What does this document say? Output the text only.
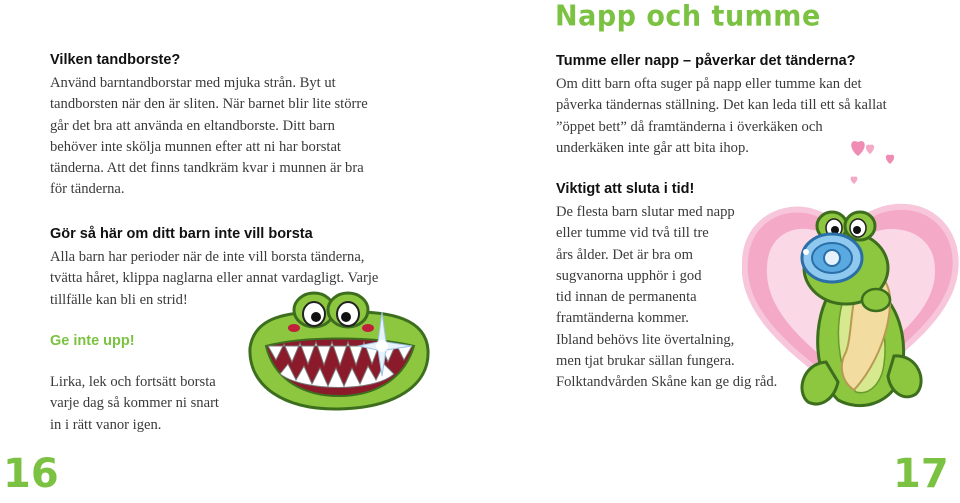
Napp och tumme
Vilken tandborste?
Använd barntandborstar med mjuka strån. Byt ut
tandborsten när den är sliten. När barnet blir lite större
går det bra att använda en eltandborste. Ditt barn
behöver inte skölja munnen efter att ni har borstat
tänderna. Att det finns tandkräm kvar i munnen är bra
för tänderna.
Gör så här om ditt barn inte vill borsta
Alla barn har perioder när de inte vill borsta tänderna,
tvätta håret, klippa naglarna eller annat vardagligt. Varje
tillfälle kan bli en strid!
Ge inte upp!
Lirka, lek och fortsätt borsta
varje dag så kommer ni snart
in i rätt vanor igen.
16
Tumme eller napp – påverkar det tänderna?
Om ditt barn ofta suger på napp eller tumme kan det
påverka tändernas ställning. Det kan leda till ett så kallat
”öppet bett” då framtänderna i överkäken och
underkäken inte går att bita ihop.
Viktigt att sluta i tid!
De flesta barn slutar med napp
eller tumme vid två till tre
års ålder. Det är bra om
sugvanorna upphör i god
tid innan de permanenta
framtänderna kommer.
Ibland behövs lite övertalning,
men tjat brukar sällan fungera.
Folktandvården Skåne kan ge dig råd.
17
